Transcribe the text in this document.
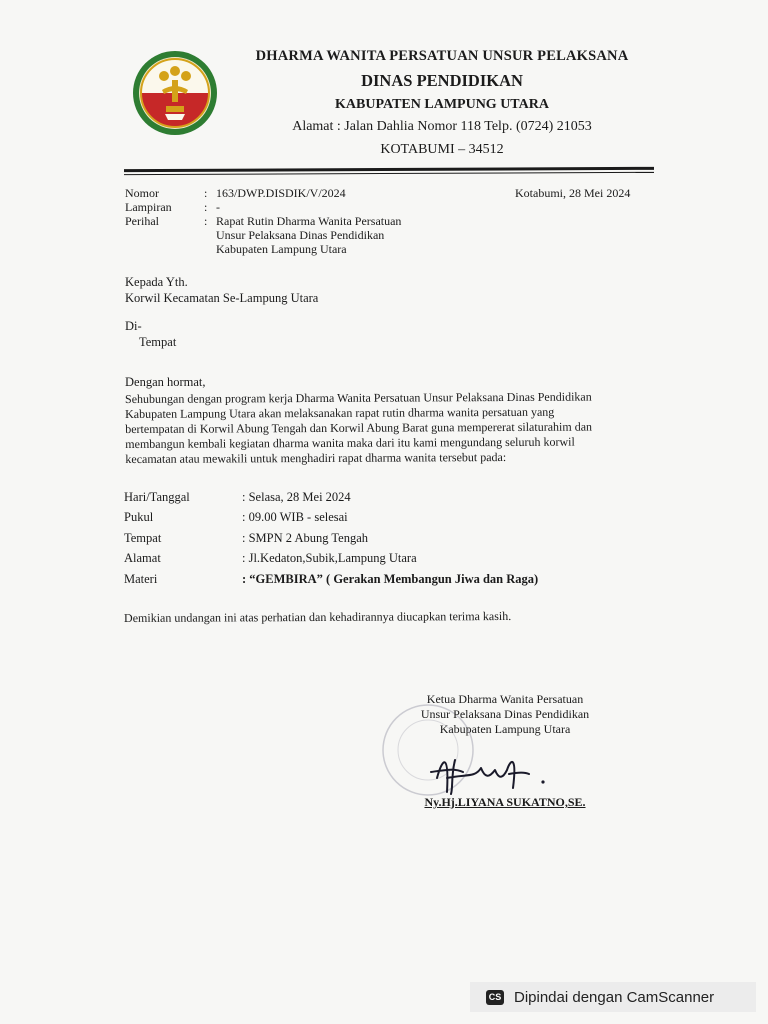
DHARMA WANITA PERSATUAN UNSUR PELAKSANA
DINAS PENDIDIKAN
KABUPATEN LAMPUNG UTARA
Alamat : Jalan Dahlia Nomor 118 Telp. (0724) 21053
KOTABUMI – 34512
Nomor	: 163/DWP.DISDIK/V/2024
Lampiran	: -
Perihal	: Rapat Rutin Dharma Wanita Persatuan
Unsur Pelaksana Dinas Pendidikan
Kabupaten Lampung Utara
Kotabumi, 28 Mei 2024
Kepada Yth.
Korwil Kecamatan Se-Lampung Utara
Di-
Tempat
Dengan hormat,
Sehubungan dengan program kerja Dharma Wanita Persatuan Unsur Pelaksana Dinas Pendidikan
Kabupaten Lampung Utara akan melaksanakan rapat rutin dharma wanita persatuan yang
bertempatan di Korwil Abung Tengah dan Korwil Abung Barat guna mempererat silaturahim dan
membangun kembali kegiatan dharma wanita maka dari itu kami mengundang seluruh korwil
kecamatan atau mewakili untuk menghadiri rapat dharma wanita tersebut pada:
Hari/Tanggal	: Selasa, 28 Mei 2024
Pukul	: 09.00 WIB - selesai
Tempat	: SMPN 2 Abung Tengah
Alamat	: Jl.Kedaton,Subik,Lampung Utara
Materi	: “GEMBIRA” ( Gerakan Membangun Jiwa dan Raga)
Demikian undangan ini atas perhatian dan kehadirannya diucapkan terima kasih.
Ketua Dharma Wanita Persatuan
Unsur Pelaksana Dinas Pendidikan
Kabupaten Lampung Utara
Ny.Hj.LIYANA SUKATNO,SE.
CS Dipindai dengan CamScanner
